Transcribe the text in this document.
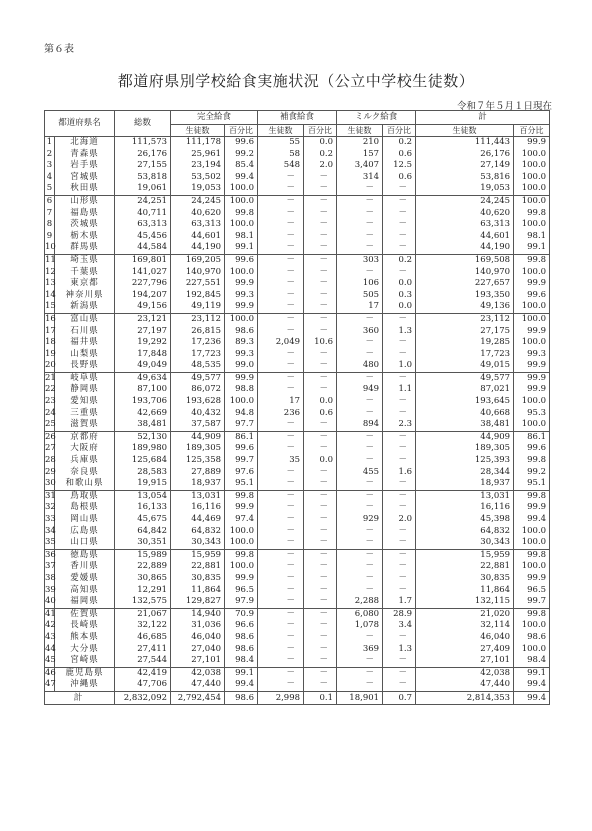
第６表
都道府県別学校給食実施状況（公立中学校生徒数）
令和７年５月１日現在
都道府県名		総数	完全給食		補食給食		ミルク給食		計	
			生徒数	百分比	生徒数	百分比	生徒数	百分比	生徒数	百分比
1	北海道	111,573	111,178	99.6	55	0.0	210	0.2	111,443	99.9
2	青森県	26,176	25,961	99.2	58	0.2	157	0.6	26,176	100.0
3	岩手県	27,155	23,194	85.4	548	2.0	3,407	12.5	27,149	100.0
4	宮城県	53,818	53,502	99.4	－	－	314	0.6	53,816	100.0
5	秋田県	19,061	19,053	100.0	－	－	－	－	19,053	100.0
6	山形県	24,251	24,245	100.0	－	－	－	－	24,245	100.0
7	福島県	40,711	40,620	99.8	－	－	－	－	40,620	99.8
8	茨城県	63,313	63,313	100.0	－	－	－	－	63,313	100.0
9	栃木県	45,456	44,601	98.1	－	－	－	－	44,601	98.1
10	群馬県	44,584	44,190	99.1	－	－	－	－	44,190	99.1
11	埼玉県	169,801	169,205	99.6	－	－	303	0.2	169,508	99.8
12	千葉県	141,027	140,970	100.0	－	－	－	－	140,970	100.0
13	東京都	227,796	227,551	99.9	－	－	106	0.0	227,657	99.9
14	神奈川県	194,207	192,845	99.3	－	－	505	0.3	193,350	99.6
15	新潟県	49,156	49,119	99.9	－	－	17	0.0	49,136	100.0
16	富山県	23,121	23,112	100.0	－	－	－	－	23,112	100.0
17	石川県	27,197	26,815	98.6	－	－	360	1.3	27,175	99.9
18	福井県	19,292	17,236	89.3	2,049	10.6	－	－	19,285	100.0
19	山梨県	17,848	17,723	99.3	－	－	－	－	17,723	99.3
20	長野県	49,049	48,535	99.0	－	－	480	1.0	49,015	99.9
21	岐阜県	49,634	49,577	99.9	－	－	－	－	49,577	99.9
22	静岡県	87,100	86,072	98.8	－	－	949	1.1	87,021	99.9
23	愛知県	193,706	193,628	100.0	17	0.0	－	－	193,645	100.0
24	三重県	42,669	40,432	94.8	236	0.6	－	－	40,668	95.3
25	滋賀県	38,481	37,587	97.7	－	－	894	2.3	38,481	100.0
26	京都府	52,130	44,909	86.1	－	－	－	－	44,909	86.1
27	大阪府	189,980	189,305	99.6	－	－	－	－	189,305	99.6
28	兵庫県	125,684	125,358	99.7	35	0.0	－	－	125,393	99.8
29	奈良県	28,583	27,889	97.6	－	－	455	1.6	28,344	99.2
30	和歌山県	19,915	18,937	95.1	－	－	－	－	18,937	95.1
31	鳥取県	13,054	13,031	99.8	－	－	－	－	13,031	99.8
32	島根県	16,133	16,116	99.9	－	－	－	－	16,116	99.9
33	岡山県	45,675	44,469	97.4	－	－	929	2.0	45,398	99.4
34	広島県	64,842	64,832	100.0	－	－	－	－	64,832	100.0
35	山口県	30,351	30,343	100.0	－	－	－	－	30,343	100.0
36	徳島県	15,989	15,959	99.8	－	－	－	－	15,959	99.8
37	香川県	22,889	22,881	100.0	－	－	－	－	22,881	100.0
38	愛媛県	30,865	30,835	99.9	－	－	－	－	30,835	99.9
39	高知県	12,291	11,864	96.5	－	－	－	－	11,864	96.5
40	福岡県	132,575	129,827	97.9	－	－	2,288	1.7	132,115	99.7
41	佐賀県	21,067	14,940	70.9	－	－	6,080	28.9	21,020	99.8
42	長崎県	32,122	31,036	96.6	－	－	1,078	3.4	32,114	100.0
43	熊本県	46,685	46,040	98.6	－	－	－	－	46,040	98.6
44	大分県	27,411	27,040	98.6	－	－	369	1.3	27,409	100.0
45	宮崎県	27,544	27,101	98.4	－	－	－	－	27,101	98.4
46	鹿児島県	42,419	42,038	99.1	－	－	－	－	42,038	99.1
47	沖縄県	47,706	47,440	99.4	－	－	－	－	47,440	99.4
計		2,832,092	2,792,454	98.6	2,998	0.1	18,901	0.7	2,814,353	99.4
